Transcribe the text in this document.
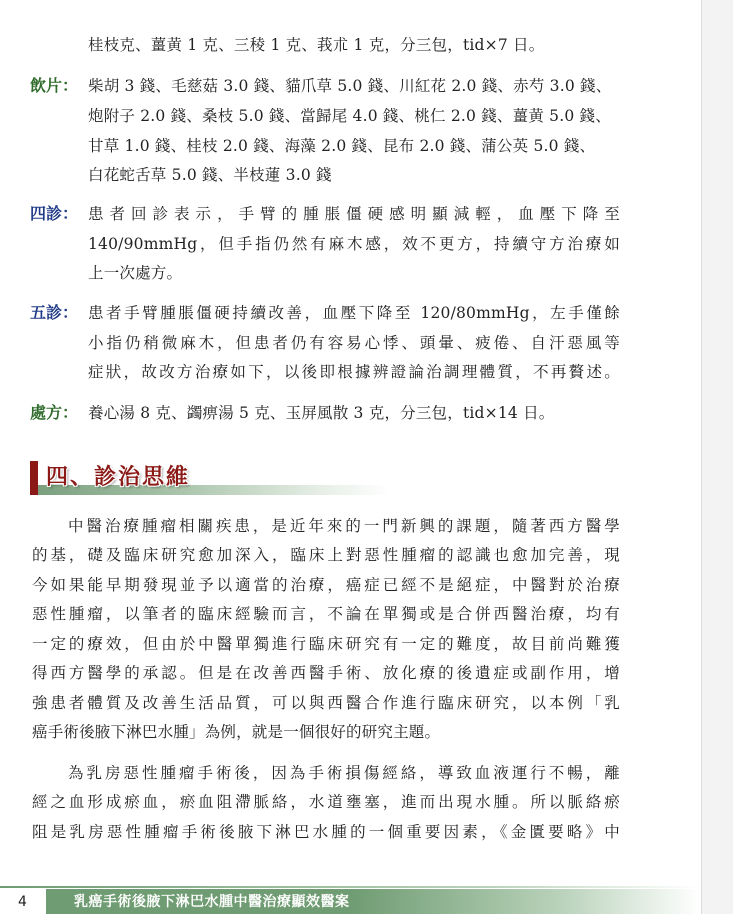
桂枝克、薑黄 1 克、三稜 1 克、莪朮 1 克，分三包，tid×7 日。
飲片： 柴胡 3 錢、毛慈菇 3.0 錢、貓爪草 5.0 錢、川紅花 2.0 錢、赤芍 3.0 錢、
炮附子 2.0 錢、桑枝 5.0 錢、當歸尾 4.0 錢、桃仁 2.0 錢、薑黄 5.0 錢、
甘草 1.0 錢、桂枝 2.0 錢、海藻 2.0 錢、昆布 2.0 錢、蒲公英 5.0 錢、
白花蛇舌草 5.0 錢、半枝蓮 3.0 錢
四診： 患者回診表示，手臂的腫脹僵硬感明顯減輕，血壓下降至
140/90mmHg，但手指仍然有麻木感，效不更方，持續守方治療如
上一次處方。
五診： 患者手臂腫脹僵硬持續改善，血壓下降至 120/80mmHg，左手僅餘
小指仍稍微麻木，但患者仍有容易心悸、頭暈、疲倦、自汗惡風等
症狀，故改方治療如下，以後即根據辨證論治調理體質，不再贅述。
處方： 養心湯 8 克、蠲痹湯 5 克、玉屏風散 3 克，分三包，tid×14 日。
四、診治思維
中醫治療腫瘤相關疾患，是近年來的一門新興的課題，隨著西方醫學
的基，礎及臨床研究愈加深入，臨床上對惡性腫瘤的認識也愈加完善，現
今如果能早期發現並予以適當的治療，癌症已經不是絕症，中醫對於治療
惡性腫瘤，以筆者的臨床經驗而言，不論在單獨或是合併西醫治療，均有
一定的療效，但由於中醫單獨進行臨床研究有一定的難度，故目前尚難獲
得西方醫學的承認。但是在改善西醫手術、放化療的後遺症或副作用，增
強患者體質及改善生活品質，可以與西醫合作進行臨床研究，以本例「乳
癌手術後腋下淋巴水腫」為例，就是一個很好的研究主題。
為乳房惡性腫瘤手術後，因為手術損傷經絡，導致血液運行不暢，離
經之血形成瘀血，瘀血阻滯脈絡，水道壅塞，進而出現水腫。所以脈絡瘀
阻是乳房惡性腫瘤手術後腋下淋巴水腫的一個重要因素，《金匱要略》中
4	乳癌手術後腋下淋巴水腫中醫治療顯效醫案
